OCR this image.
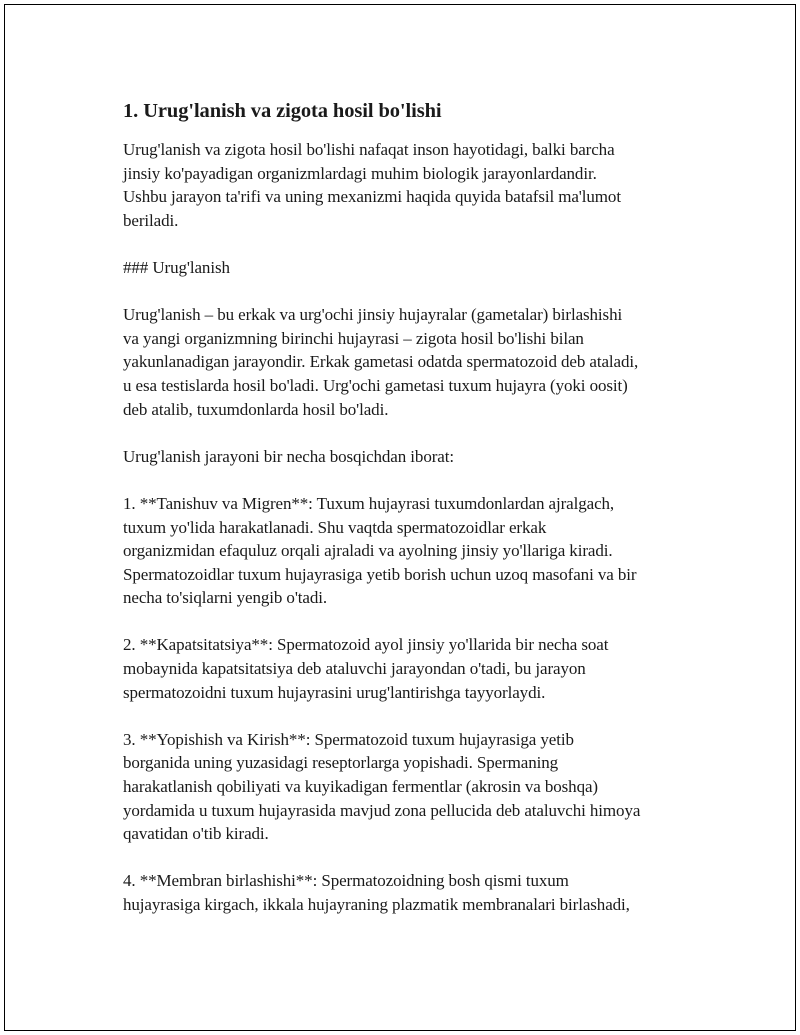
1. Urug'lanish va zigota hosil bo'lishi
Urug'lanish va zigota hosil bo'lishi nafaqat inson hayotidagi, balki barcha
jinsiy ko'payadigan organizmlardagi muhim biologik jarayonlardandir.
Ushbu jarayon ta'rifi va uning mexanizmi haqida quyida batafsil ma'lumot
beriladi.
### Urug'lanish
Urug'lanish – bu erkak va urg'ochi jinsiy hujayralar (gametalar) birlashishi
va yangi organizmning birinchi hujayrasi – zigota hosil bo'lishi bilan
yakunlanadigan jarayondir. Erkak gametasi odatda spermatozoid deb ataladi,
u esa testislarda hosil bo'ladi. Urg'ochi gametasi tuxum hujayra (yoki oosit)
deb atalib, tuxumdonlarda hosil bo'ladi.
Urug'lanish jarayoni bir necha bosqichdan iborat:
1. **Tanishuv va Migren**: Tuxum hujayrasi tuxumdonlardan ajralgach,
tuxum yo'lida harakatlanadi. Shu vaqtda spermatozoidlar erkak
organizmidan efaquluz orqali ajraladi va ayolning jinsiy yo'llariga kiradi.
Spermatozoidlar tuxum hujayrasiga yetib borish uchun uzoq masofani va bir
necha to'siqlarni yengib o'tadi.
2. **Kapatsitatsiya**: Spermatozoid ayol jinsiy yo'llarida bir necha soat
mobaynida kapatsitatsiya deb ataluvchi jarayondan o'tadi, bu jarayon
spermatozoidni tuxum hujayrasini urug'lantirishga tayyorlaydi.
3. **Yopishish va Kirish**: Spermatozoid tuxum hujayrasiga yetib
borganida uning yuzasidagi reseptorlarga yopishadi. Spermaning
harakatlanish qobiliyati va kuyikadigan fermentlar (akrosin va boshqa)
yordamida u tuxum hujayrasida mavjud zona pellucida deb ataluvchi himoya
qavatidan o'tib kiradi.
4. **Membran birlashishi**: Spermatozoidning bosh qismi tuxum
hujayrasiga kirgach, ikkala hujayraning plazmatik membranalari birlashadi,
